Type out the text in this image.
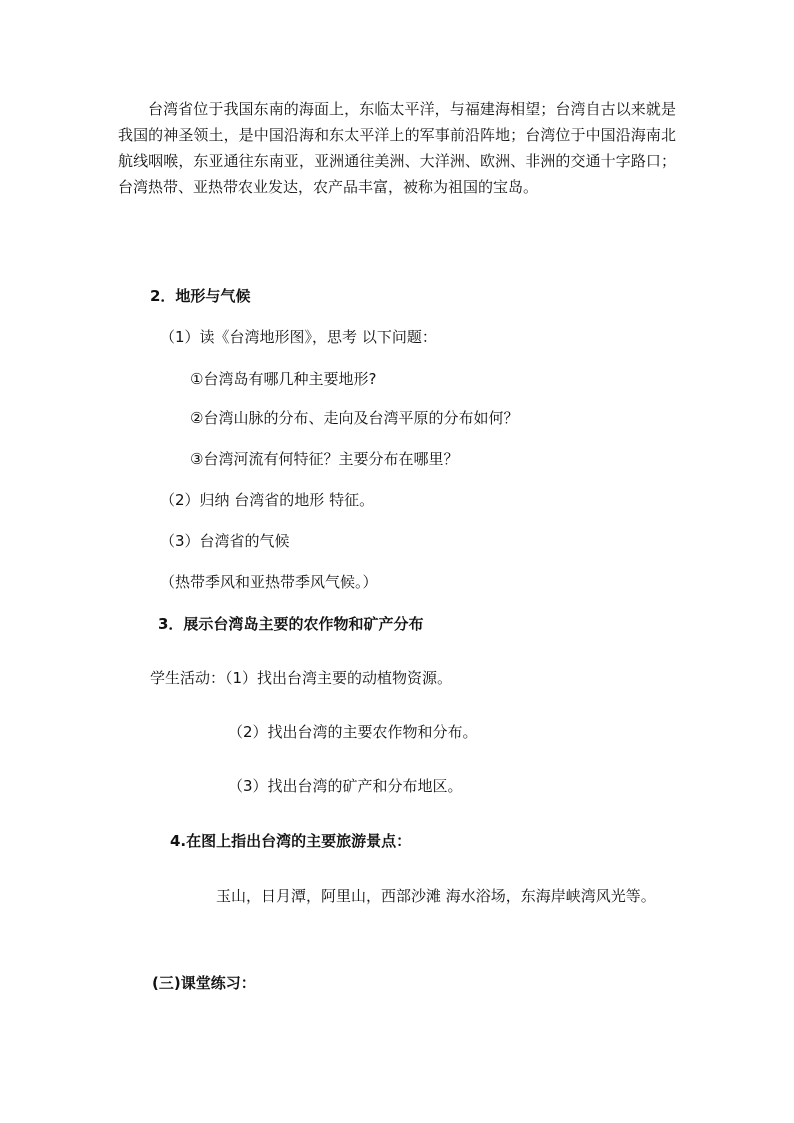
台湾省位于我国东南的海面上，东临太平洋，与福建海相望；台湾自古以来就是我国的神圣领土，是中国沿海和东太平洋上的军事前沿阵地；台湾位于中国沿海南北航线咽喉，东亚通往东南亚，亚洲通往美洲、大洋洲、欧洲、非洲的交通十字路口；台湾热带、亚热带农业发达，农产品丰富，被称为祖国的宝岛。

2．地形与气候
（1）读《台湾地形图》，思考 以下问题：
①台湾岛有哪几种主要地形?
②台湾山脉的分布、走向及台湾平原的分布如何？
③台湾河流有何特征？主要分布在哪里？
（2）归纳 台湾省的地形 特征。
（3）台湾省的气候
（热带季风和亚热带季风气候。）
3．展示台湾岛主要的农作物和矿产分布
学生活动：（1）找出台湾主要的动植物资源。
（2）找出台湾的主要农作物和分布。
（3）找出台湾的矿产和分布地区。
4.在图上指出台湾的主要旅游景点：
玉山，日月潭，阿里山，西部沙滩 海水浴场，东海岸峡湾风光等。
(三)课堂练习：
